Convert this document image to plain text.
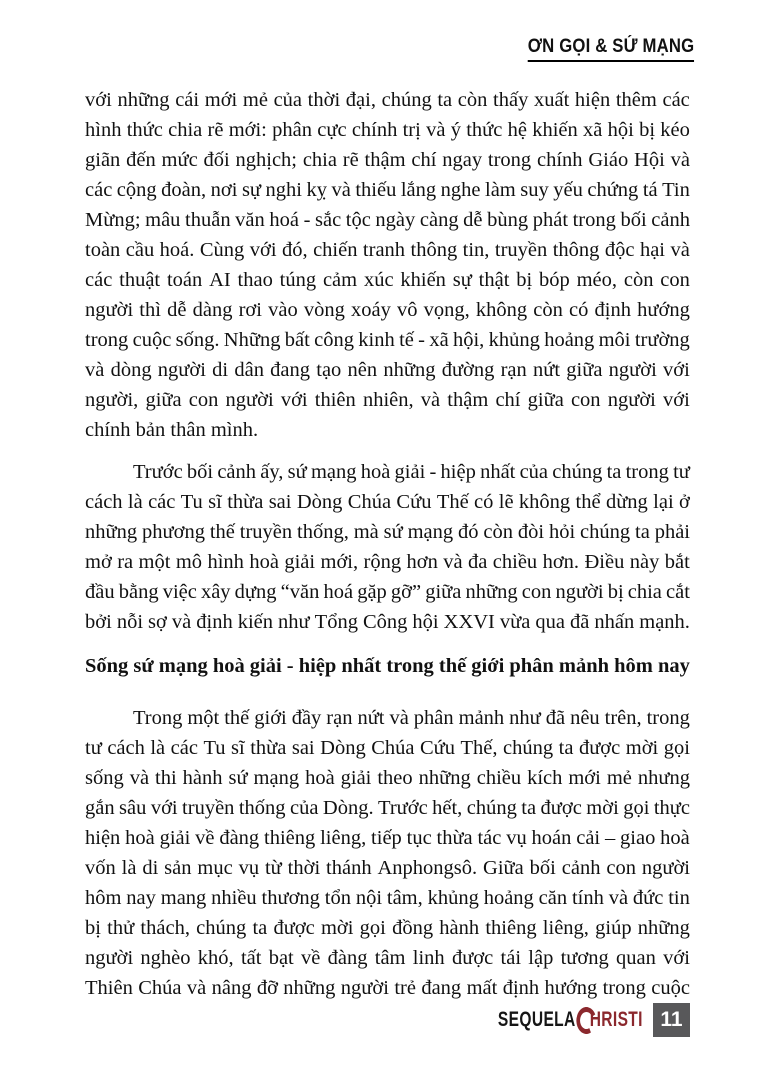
ƠN GỌI & SỨ MẠNG
với những cái mới mẻ của thời đại, chúng ta còn thấy xuất hiện thêm các
hình thức chia rẽ mới: phân cực chính trị và ý thức hệ khiến xã hội bị kéo
giãn đến mức đối nghịch; chia rẽ thậm chí ngay trong chính Giáo Hội và
các cộng đoàn, nơi sự nghi kỵ và thiếu lắng nghe làm suy yếu chứng tá Tin
Mừng; mâu thuẫn văn hoá - sắc tộc ngày càng dễ bùng phát trong bối cảnh
toàn cầu hoá. Cùng với đó, chiến tranh thông tin, truyền thông độc hại và
các thuật toán AI thao túng cảm xúc khiến sự thật bị bóp méo, còn con
người thì dễ dàng rơi vào vòng xoáy vô vọng, không còn có định hướng
trong cuộc sống. Những bất công kinh tế - xã hội, khủng hoảng môi trường
và dòng người di dân đang tạo nên những đường rạn nứt giữa người với
người, giữa con người với thiên nhiên, và thậm chí giữa con người với
chính bản thân mình.
Trước bối cảnh ấy, sứ mạng hoà giải - hiệp nhất của chúng ta trong tư
cách là các Tu sĩ thừa sai Dòng Chúa Cứu Thế có lẽ không thể dừng lại ở
những phương thế truyền thống, mà sứ mạng đó còn đòi hỏi chúng ta phải
mở ra một mô hình hoà giải mới, rộng hơn và đa chiều hơn. Điều này bắt
đầu bằng việc xây dựng “văn hoá gặp gỡ” giữa những con người bị chia cắt
bởi nỗi sợ và định kiến như Tổng Công hội XXVI vừa qua đã nhấn mạnh.
Sống sứ mạng hoà giải - hiệp nhất trong thế giới phân mảnh hôm nay
Trong một thế giới đầy rạn nứt và phân mảnh như đã nêu trên, trong
tư cách là các Tu sĩ thừa sai Dòng Chúa Cứu Thế, chúng ta được mời gọi
sống và thi hành sứ mạng hoà giải theo những chiều kích mới mẻ nhưng
gắn sâu với truyền thống của Dòng. Trước hết, chúng ta được mời gọi thực
hiện hoà giải về đàng thiêng liêng, tiếp tục thừa tác vụ hoán cải – giao hoà
vốn là di sản mục vụ từ thời thánh Anphongsô. Giữa bối cảnh con người
hôm nay mang nhiều thương tổn nội tâm, khủng hoảng căn tính và đức tin
bị thử thách, chúng ta được mời gọi đồng hành thiêng liêng, giúp những
người nghèo khó, tất bạt về đàng tâm linh được tái lập tương quan với
Thiên Chúa và nâng đỡ những người trẻ đang mất định hướng trong cuộc
SEQUELA HRISTI 11
